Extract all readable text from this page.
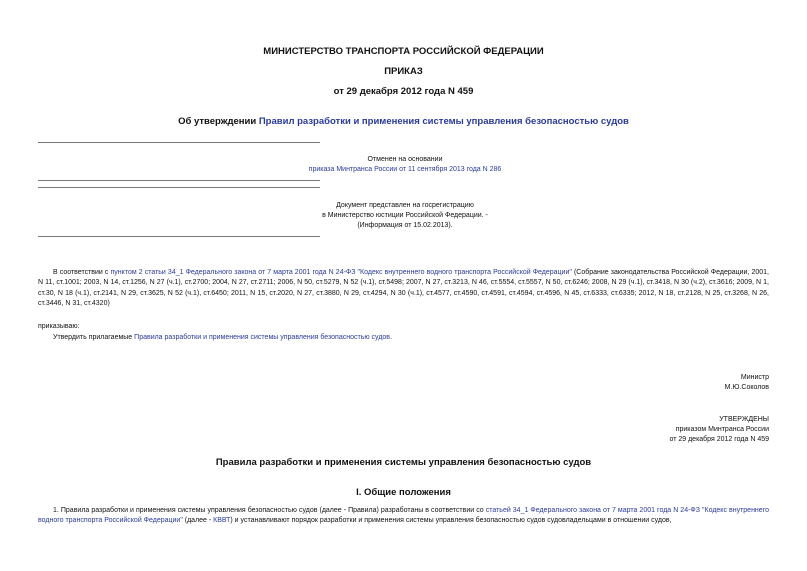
МИНИСТЕРСТВО ТРАНСПОРТА РОССИЙСКОЙ ФЕДЕРАЦИИ
ПРИКАЗ
от 29 декабря 2012 года N 459
Об утверждении Правил разработки и применения системы управления безопасностью судов
Отменен на основании
приказа Минтранса России от 11 сентября 2013 года N 286
Документ представлен на госрегистрацию
в Министерство юстиции Российской Федерации. -
(Информация от 15.02.2013).
В соответствии с пунктом 2 статьи 34_1 Федерального закона от 7 марта 2001 года N 24-ФЗ "Кодекс внутреннего водного транспорта Российской Федерации" (Собрание законодательства Российской Федерации, 2001, N 11, ст.1001; 2003, N 14, ст.1256, N 27 (ч.1), ст.2700; 2004, N 27, ст.2711; 2006, N 50, ст.5279, N 52 (ч.1), ст.5498; 2007, N 27, ст.3213, N 46, ст.5554, ст.5557, N 50, ст.6246; 2008, N 29 (ч.1), ст.3418, N 30 (ч.2), ст.3616; 2009, N 1, ст.30, N 18 (ч.1), ст.2141, N 29, ст.3625, N 52 (ч.1), ст.6450; 2011, N 15, ст.2020, N 27, ст.3880, N 29, ст.4294, N 30 (ч.1), ст.4577, ст.4590, ст.4591, ст.4594, ст.4596, N 45, ст.6333, ст.6335; 2012, N 18, ст.2128, N 25, ст.3268, N 26, ст.3446, N 31, ст.4320)
приказываю:
Утвердить прилагаемые Правила разработки и применения системы управления безопасностью судов.
Министр
М.Ю.Соколов
УТВЕРЖДЕНЫ
приказом Минтранса России
от 29 декабря 2012 года N 459
Правила разработки и применения системы управления безопасностью судов
I. Общие положения
1. Правила разработки и применения системы управления безопасностью судов (далее - Правила) разработаны в соответствии со статьей 34_1 Федерального закона от 7 марта 2001 года N 24-ФЗ "Кодекс внутреннего водного транспорта Российской Федерации" (далее - КВВТ) и устанавливают порядок разработки и применения системы управления безопасностью судов судовладельцами в отношении судов,
